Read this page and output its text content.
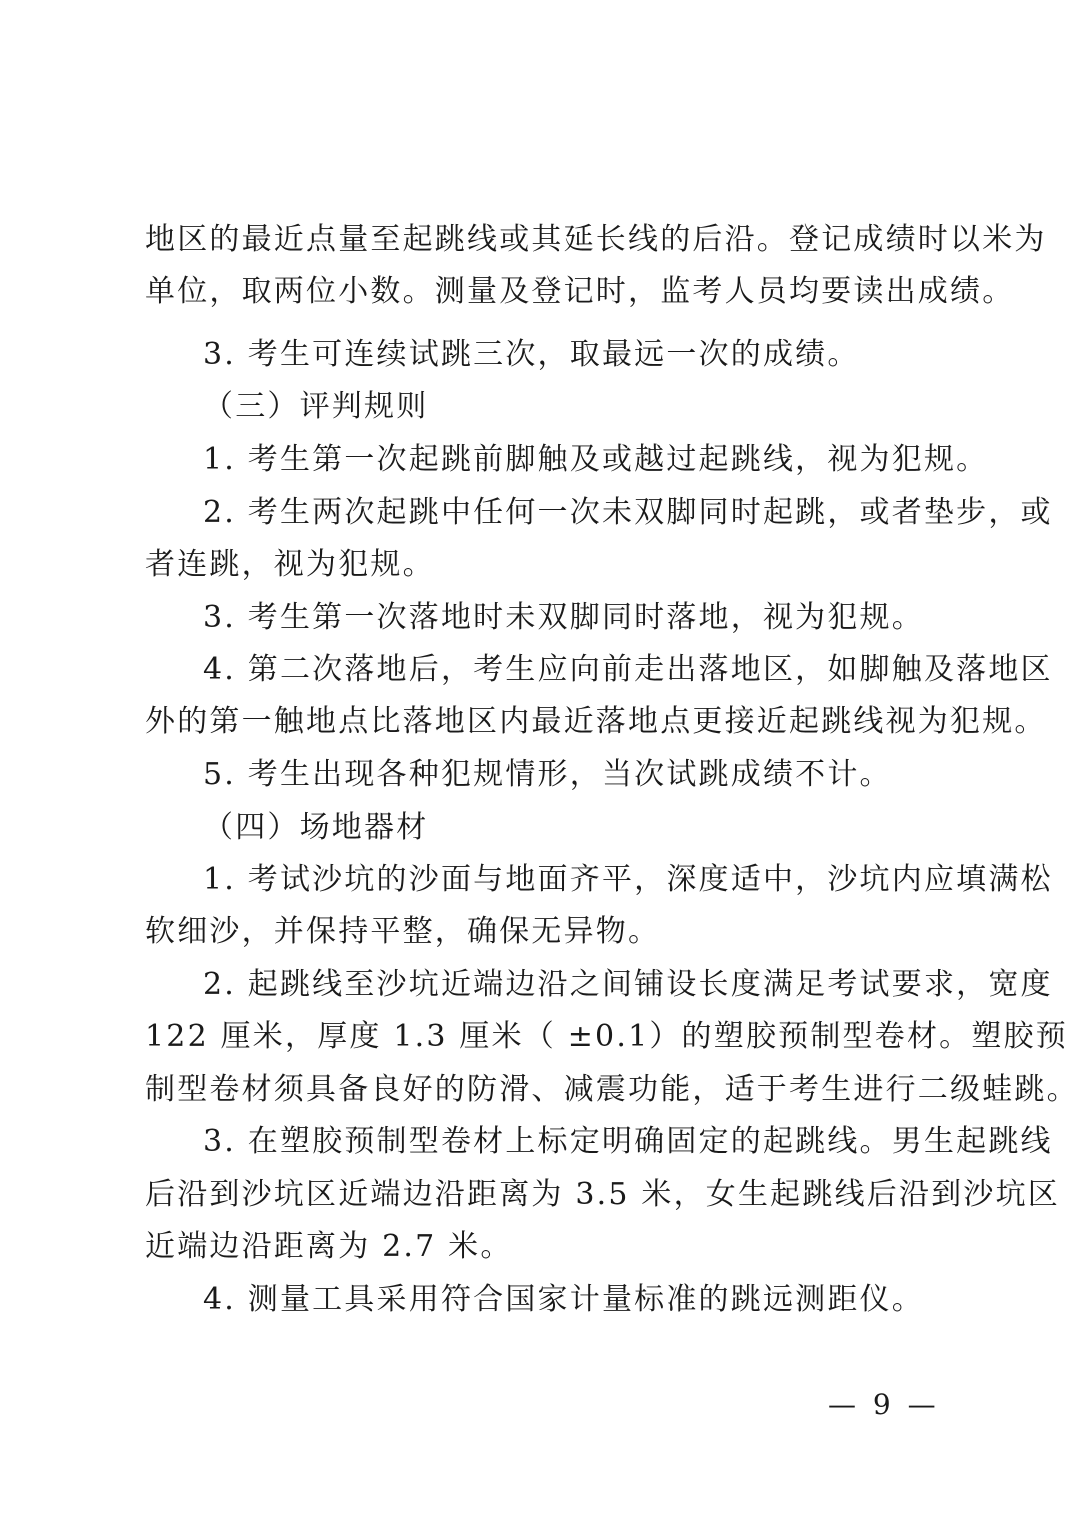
地区的最近点量至起跳线或其延长线的后沿。登记成绩时以米为
单位，取两位小数。测量及登记时，监考人员均要读出成绩。
3. 考生可连续试跳三次，取最远一次的成绩。
（三）评判规则
1. 考生第一次起跳前脚触及或越过起跳线，视为犯规。
2. 考生两次起跳中任何一次未双脚同时起跳，或者垫步，或
者连跳，视为犯规。
3. 考生第一次落地时未双脚同时落地，视为犯规。
4. 第二次落地后，考生应向前走出落地区，如脚触及落地区
外的第一触地点比落地区内最近落地点更接近起跳线视为犯规。
5. 考生出现各种犯规情形，当次试跳成绩不计。
（四）场地器材
1. 考试沙坑的沙面与地面齐平，深度适中，沙坑内应填满松
软细沙，并保持平整，确保无异物。
2. 起跳线至沙坑近端边沿之间铺设长度满足考试要求，宽度
122 厘米，厚度 1.3 厘米（ ±0.1）的塑胶预制型卷材。塑胶预
制型卷材须具备良好的防滑、减震功能，适于考生进行二级蛙跳。
3. 在塑胶预制型卷材上标定明确固定的起跳线。男生起跳线
后沿到沙坑区近端边沿距离为 3.5 米，女生起跳线后沿到沙坑区
近端边沿距离为 2.7 米。
4. 测量工具采用符合国家计量标准的跳远测距仪。
— 9 —
